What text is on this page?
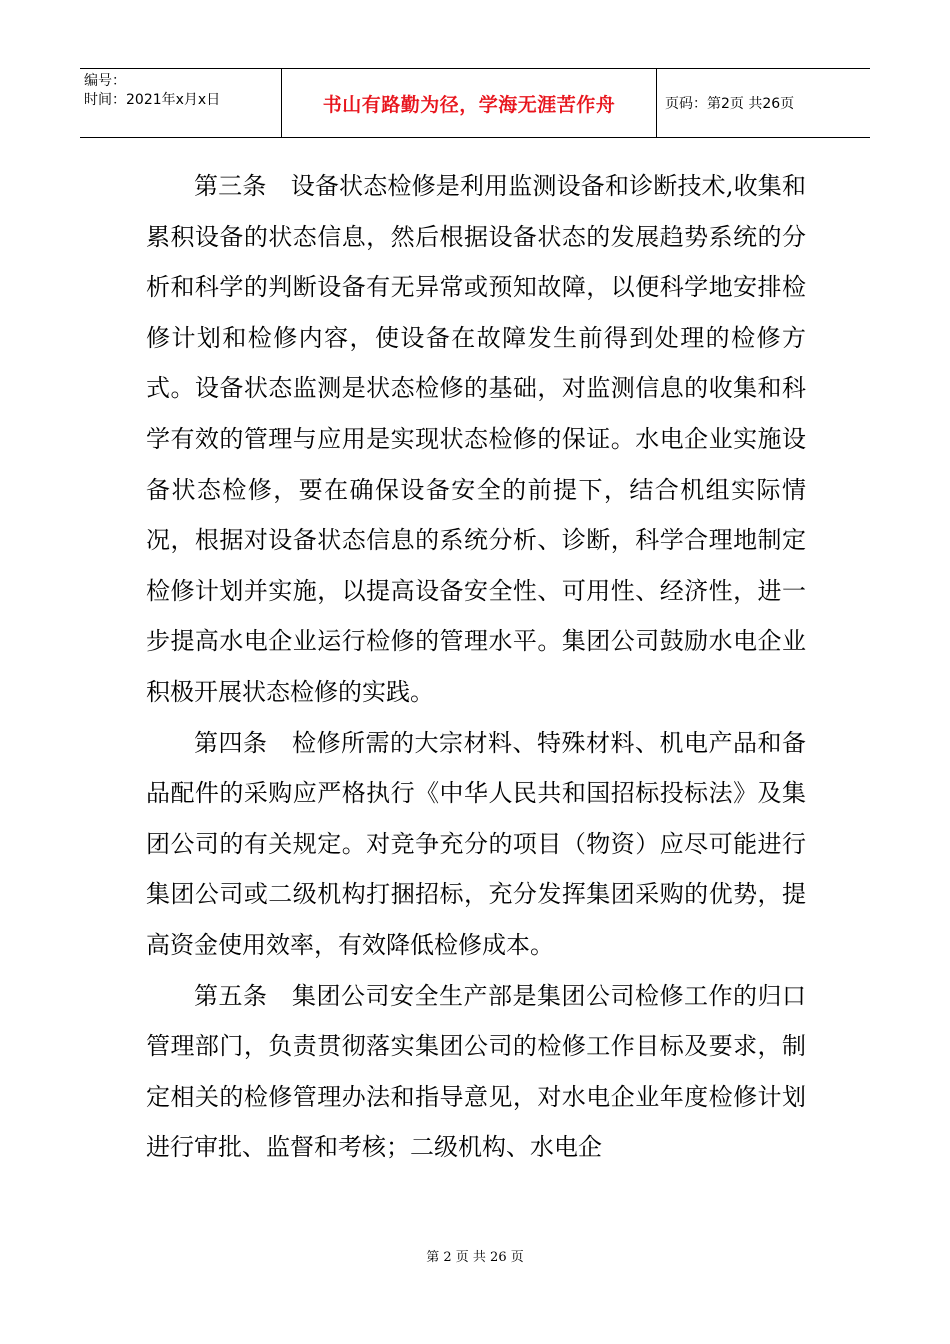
编号：
时间：2021年x月x日	书山有路勤为径，学海无涯苦作舟	页码：第2页 共26页

第三条　设备状态检修是利用监测设备和诊断技术,收集和累积设备的状态信息，然后根据设备状态的发展趋势系统的分析和科学的判断设备有无异常或预知故障，以便科学地安排检修计划和检修内容，使设备在故障发生前得到处理的检修方式。设备状态监测是状态检修的基础，对监测信息的收集和科学有效的管理与应用是实现状态检修的保证。水电企业实施设备状态检修，要在确保设备安全的前提下，结合机组实际情况，根据对设备状态信息的系统分析、诊断，科学合理地制定检修计划并实施，以提高设备安全性、可用性、经济性，进一步提高水电企业运行检修的管理水平。集团公司鼓励水电企业积极开展状态检修的实践。

第四条　检修所需的大宗材料、特殊材料、机电产品和备品配件的采购应严格执行《中华人民共和国招标投标法》及集团公司的有关规定。对竞争充分的项目（物资）应尽可能进行集团公司或二级机构打捆招标，充分发挥集团采购的优势，提高资金使用效率，有效降低检修成本。

第五条　集团公司安全生产部是集团公司检修工作的归口管理部门，负责贯彻落实集团公司的检修工作目标及要求，制定相关的检修管理办法和指导意见，对水电企业年度检修计划进行审批、监督和考核；二级机构、水电企

第 2 页 共 26 页
